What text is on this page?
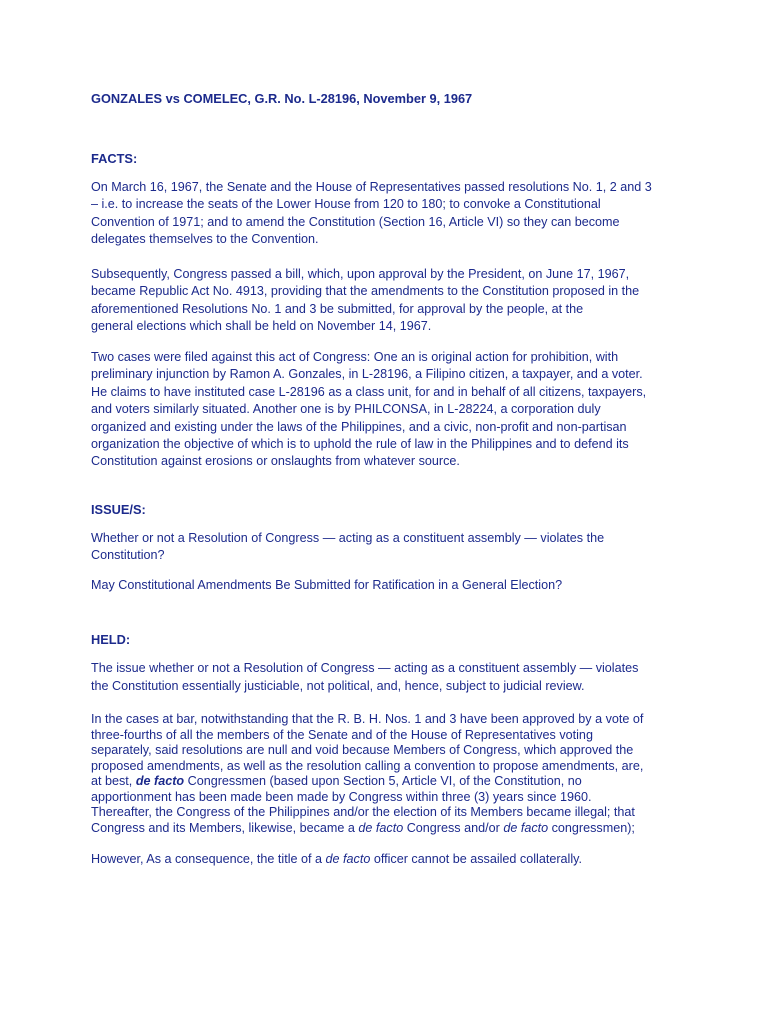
GONZALES vs COMELEC, G.R. No. L-28196, November 9, 1967
FACTS:
On March 16, 1967, the Senate and the House of Representatives passed resolutions No. 1, 2 and 3
– i.e. to increase the seats of the Lower House from 120 to 180; to convoke a Constitutional
Convention of 1971; and to amend the Constitution (Section 16, Article VI) so they can become
delegates themselves to the Convention.
Subsequently, Congress passed a bill, which, upon approval by the President, on June 17, 1967,
became Republic Act No. 4913, providing that the amendments to the Constitution proposed in the
aforementioned Resolutions No. 1 and 3 be submitted, for approval by the people, at the
general elections which shall be held on November 14, 1967.
Two cases were filed against this act of Congress: One an is original action for prohibition, with
preliminary injunction by Ramon A. Gonzales, in L-28196, a Filipino citizen, a taxpayer, and a voter.
He claims to have instituted case L-28196 as a class unit, for and in behalf of all citizens, taxpayers,
and voters similarly situated. Another one is by PHILCONSA, in L-28224, a corporation duly
organized and existing under the laws of the Philippines, and a civic, non-profit and non-partisan
organization the objective of which is to uphold the rule of law in the Philippines and to defend its
Constitution against erosions or onslaughts from whatever source.
ISSUE/S:
Whether or not a Resolution of Congress — acting as a constituent assembly — violates the
Constitution?
May Constitutional Amendments Be Submitted for Ratification in a General Election?
HELD:
The issue whether or not a Resolution of Congress — acting as a constituent assembly — violates
the Constitution essentially justiciable, not political, and, hence, subject to judicial review.
In the cases at bar, notwithstanding that the R. B. H. Nos. 1 and 3 have been approved by a vote of
three-fourths of all the members of the Senate and of the House of Representatives voting
separately, said resolutions are null and void because Members of Congress, which approved the
proposed amendments, as well as the resolution calling a convention to propose amendments, are,
at best, de facto Congressmen (based upon Section 5, Article VI, of the Constitution, no
apportionment has been made been made by Congress within three (3) years since 1960.
Thereafter, the Congress of the Philippines and/or the election of its Members became illegal; that
Congress and its Members, likewise, became a de facto Congress and/or de facto congressmen);
However, As a consequence, the title of a de facto officer cannot be assailed collaterally.
